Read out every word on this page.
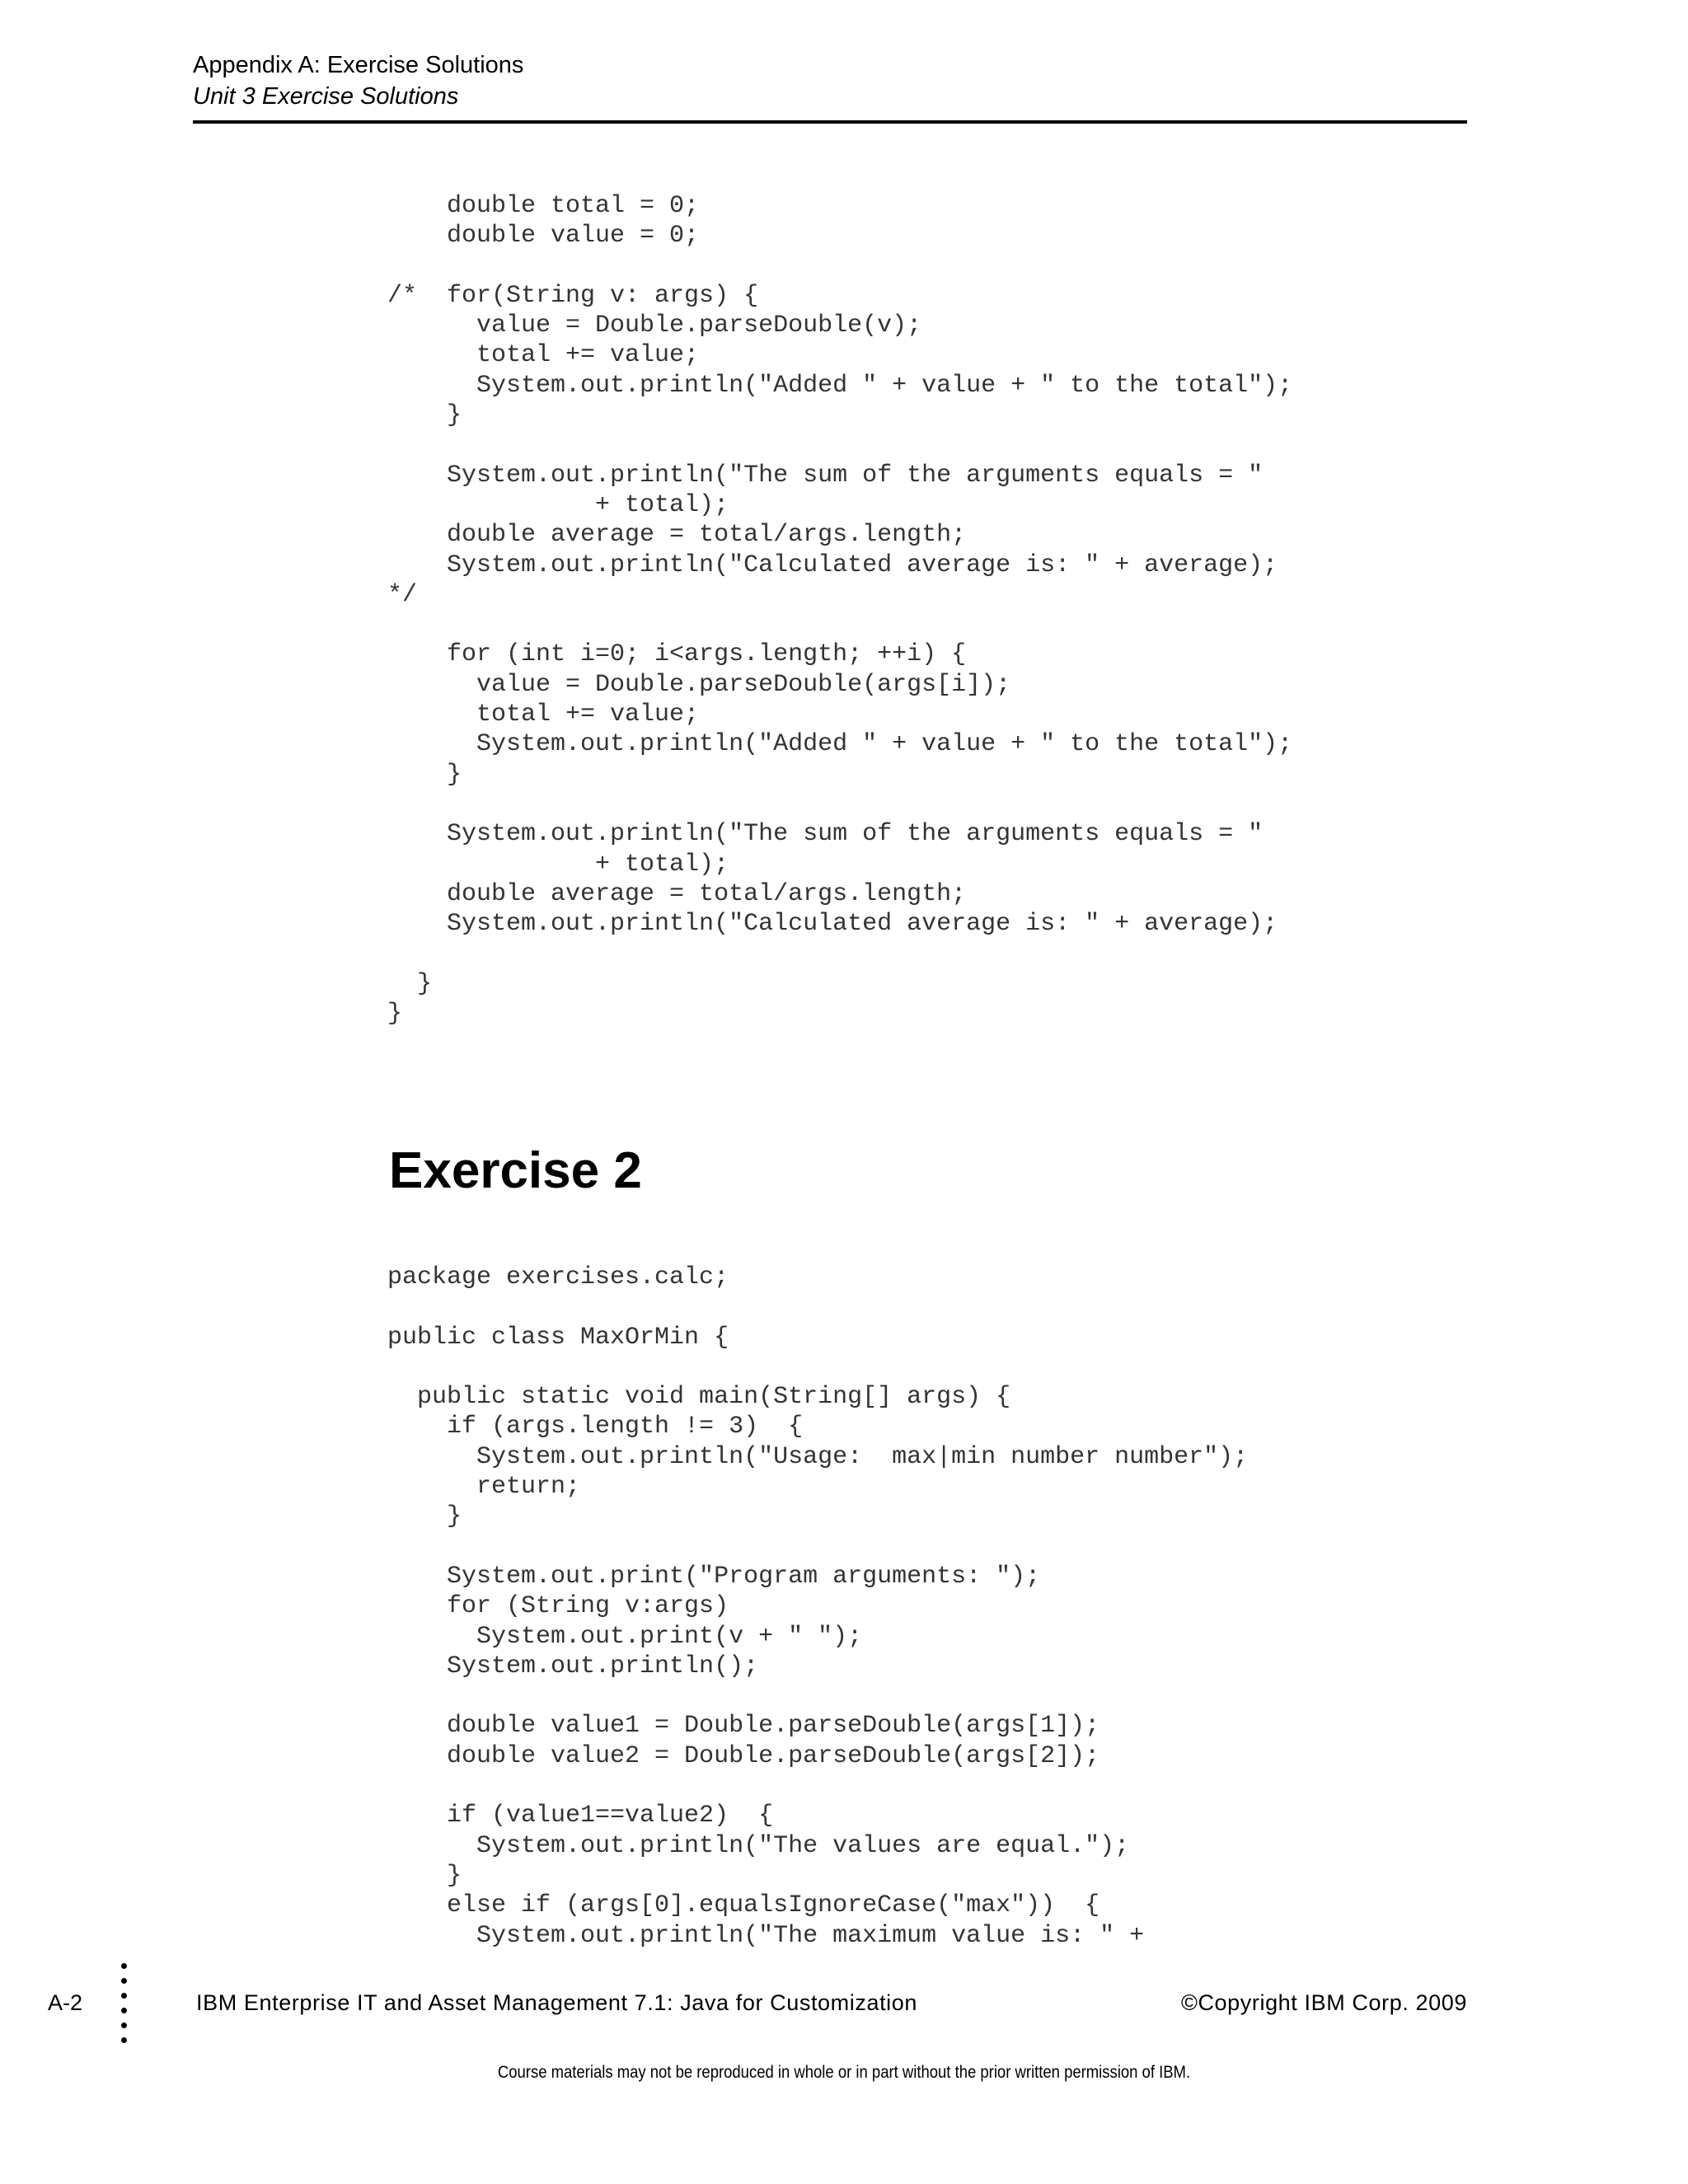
Appendix A: Exercise Solutions
Unit 3 Exercise Solutions
double total = 0;
double value = 0;

/*  for(String v: args) {
value = Double.parseDouble(v);
total += value;
System.out.println("Added " + value + " to the total");
}

System.out.println("The sum of the arguments equals = "
+ total);
double average = total/args.length;
System.out.println("Calculated average is: " + average);
*/

for (int i=0; i<args.length; ++i) {
value = Double.parseDouble(args[i]);
total += value;
System.out.println("Added " + value + " to the total");
}

System.out.println("The sum of the arguments equals = "
+ total);
double average = total/args.length;
System.out.println("Calculated average is: " + average);

}
}
Exercise 2
package exercises.calc;

public class MaxOrMin {

public static void main(String[] args) {
if (args.length != 3)  {
System.out.println("Usage:  max|min number number");
return;
}

System.out.print("Program arguments: ");
for (String v:args)
System.out.print(v + " ");
System.out.println();

double value1 = Double.parseDouble(args[1]);
double value2 = Double.parseDouble(args[2]);

if (value1==value2)  {
System.out.println("The values are equal.");
}
else if (args[0].equalsIgnoreCase("max"))  {
System.out.println("The maximum value is: " +
A-2	IBM Enterprise IT and Asset Management 7.1: Java for Customization	©Copyright IBM Corp. 2009
Course materials may not be reproduced in whole or in part without the prior written permission of IBM.
